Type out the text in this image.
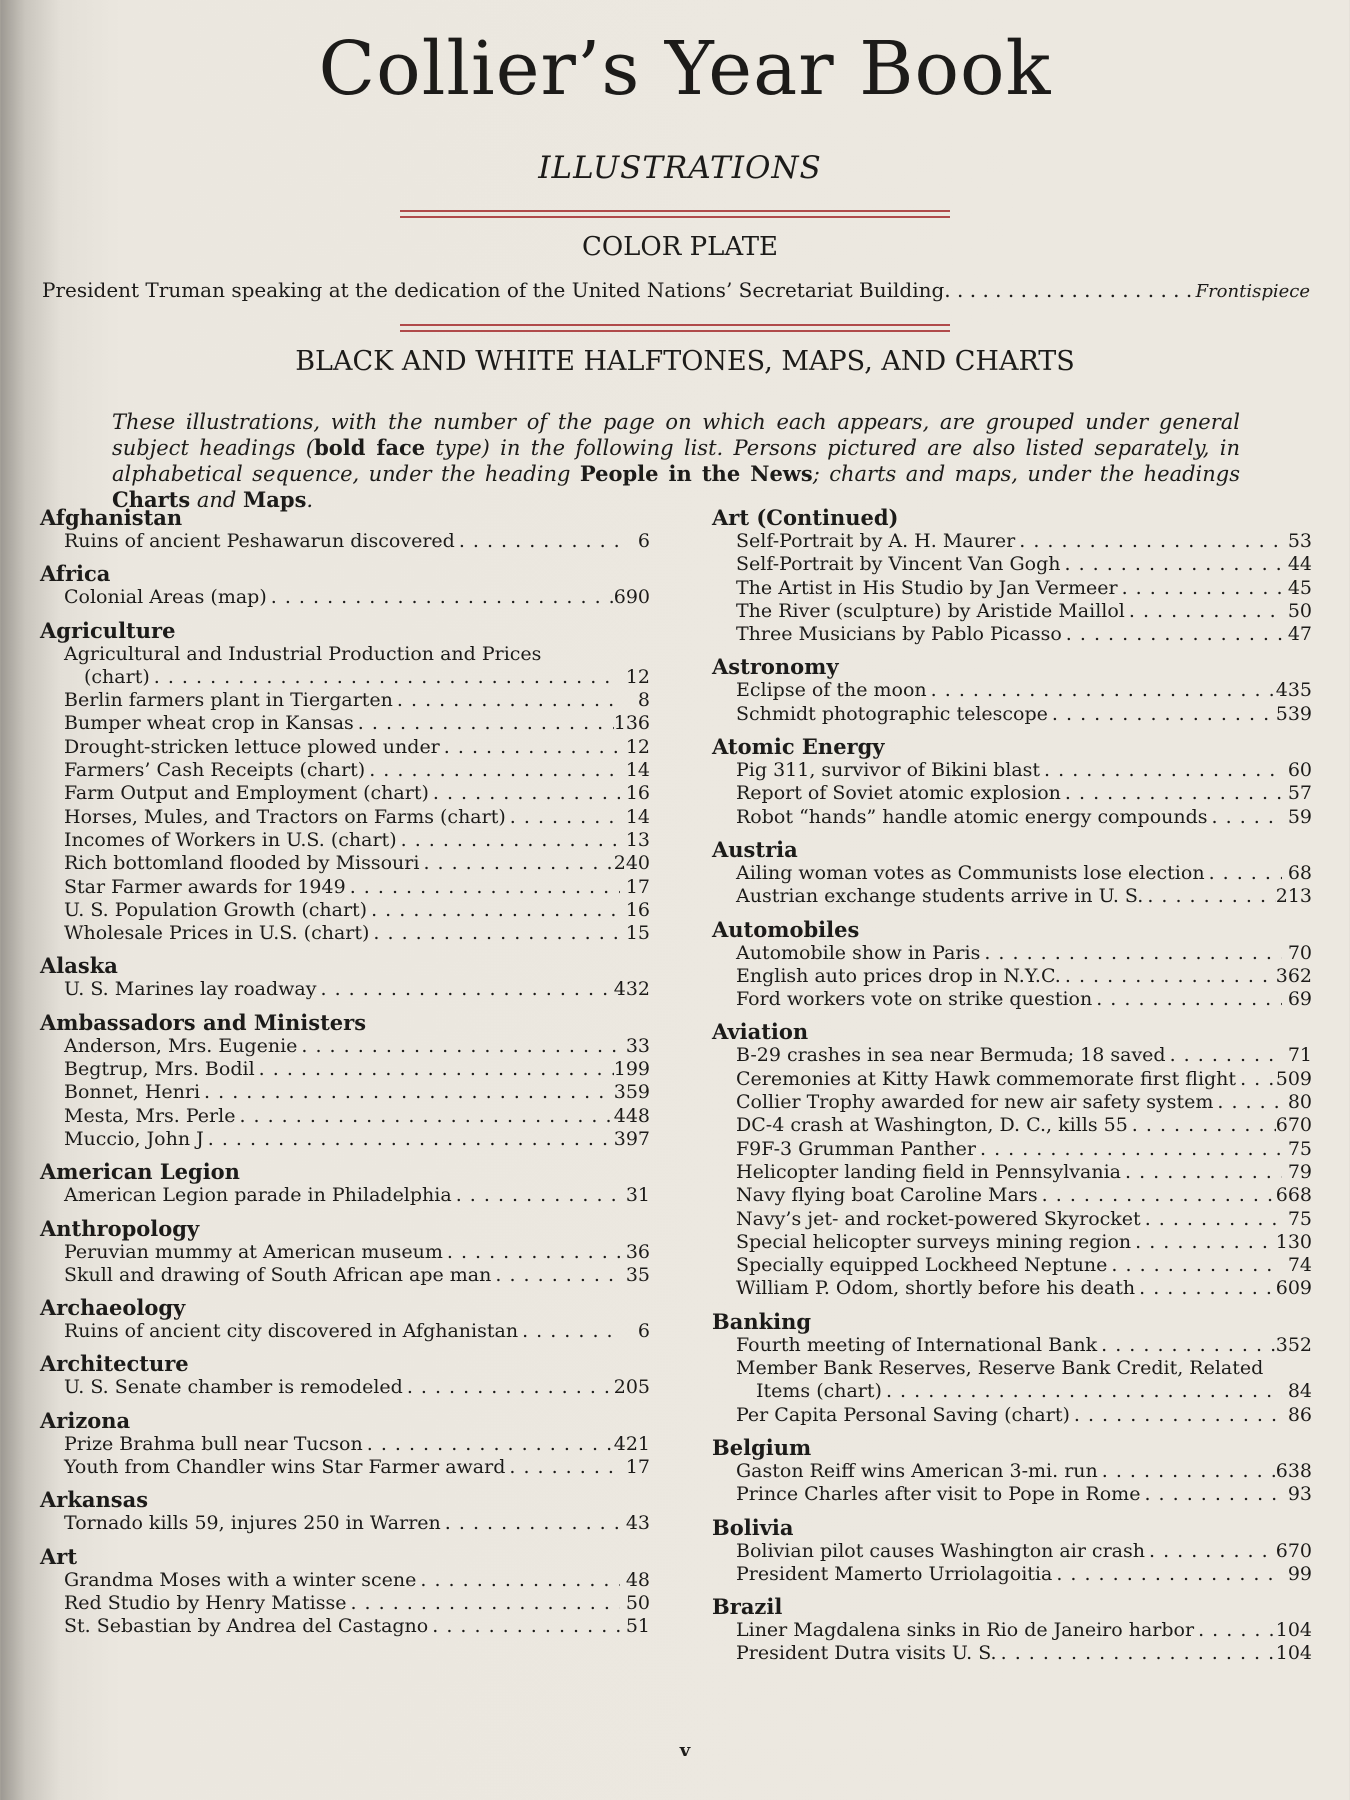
Collier’s Year Book
ILLUSTRATIONS
COLOR PLATE
President Truman speaking at the dedication of the United Nations’ Secretariat Building . . .	Frontispiece
BLACK AND WHITE HALFTONES, MAPS, AND CHARTS
These illustrations, with the number of the page on which each appears, are grouped under general subject headings (bold face type) in the following list. Persons pictured are also listed separately, in alphabetical sequence, under the heading People in the News; charts and maps, under the headings Charts and Maps.
Afghanistan
Ruins of ancient Peshawarun discovered . . .	6
Africa
Colonial Areas (map) . . .	690
Agriculture
Agricultural and Industrial Production and Prices
(chart) . . .	12
Berlin farmers plant in Tiergarten . . .	8
Bumper wheat crop in Kansas . . .	136
Drought-stricken lettuce plowed under . . .	12
Farmers’ Cash Receipts (chart) . . .	14
Farm Output and Employment (chart) . . .	16
Horses, Mules, and Tractors on Farms (chart) . . .	14
Incomes of Workers in U.S. (chart) . . .	13
Rich bottomland flooded by Missouri . . .	240
Star Farmer awards for 1949 . . .	17
U. S. Population Growth (chart) . . .	16
Wholesale Prices in U.S. (chart) . . .	15
Alaska
U. S. Marines lay roadway . . .	432
Ambassadors and Ministers
Anderson, Mrs. Eugenie . . .	33
Begtrup, Mrs. Bodil . . .	199
Bonnet, Henri . . .	359
Mesta, Mrs. Perle . . .	448
Muccio, John J . . .	397
American Legion
American Legion parade in Philadelphia . . .	31
Anthropology
Peruvian mummy at American museum . . .	36
Skull and drawing of South African ape man . . .	35
Archaeology
Ruins of ancient city discovered in Afghanistan . . .	6
Architecture
U. S. Senate chamber is remodeled . . .	205
Arizona
Prize Brahma bull near Tucson . . .	421
Youth from Chandler wins Star Farmer award . . .	17
Arkansas
Tornado kills 59, injures 250 in Warren . . .	43
Art
Grandma Moses with a winter scene . . .	48
Red Studio by Henry Matisse . . .	50
St. Sebastian by Andrea del Castagno . . .	51
Art (Continued)
Self-Portrait by A. H. Maurer . . .	53
Self-Portrait by Vincent Van Gogh . . .	44
The Artist in His Studio by Jan Vermeer . . .	45
The River (sculpture) by Aristide Maillol . . .	50
Three Musicians by Pablo Picasso . . .	47
Astronomy
Eclipse of the moon . . .	435
Schmidt photographic telescope . . .	539
Atomic Energy
Pig 311, survivor of Bikini blast . . .	60
Report of Soviet atomic explosion . . .	57
Robot “hands” handle atomic energy compounds . . .	59
Austria
Ailing woman votes as Communists lose election . . .	68
Austrian exchange students arrive in U. S. . . .	213
Automobiles
Automobile show in Paris . . .	70
English auto prices drop in N.Y.C. . . .	362
Ford workers vote on strike question . . .	69
Aviation
B-29 crashes in sea near Bermuda; 18 saved . . .	71
Ceremonies at Kitty Hawk commemorate first flight . . . 509
Collier Trophy awarded for new air safety system . . .	80
DC-4 crash at Washington, D. C., kills 55 . . .	670
F9F-3 Grumman Panther . . .	75
Helicopter landing field in Pennsylvania . . .	79
Navy flying boat Caroline Mars . . .	668
Navy’s jet- and rocket-powered Skyrocket . . .	75
Special helicopter surveys mining region . . .	130
Specially equipped Lockheed Neptune . . .	74
William P. Odom, shortly before his death . . .	609
Banking
Fourth meeting of International Bank . . .	352
Member Bank Reserves, Reserve Bank Credit, Related
Items (chart) . . .	84
Per Capita Personal Saving (chart) . . .	86
Belgium
Gaston Reiff wins American 3-mi. run . . .	638
Prince Charles after visit to Pope in Rome . . .	93
Bolivia
Bolivian pilot causes Washington air crash . . .	670
President Mamerto Urriolagoitia . . .	99
Brazil
Liner Magdalena sinks in Rio de Janeiro harbor . . .	104
President Dutra visits U. S. . . .	104
v
